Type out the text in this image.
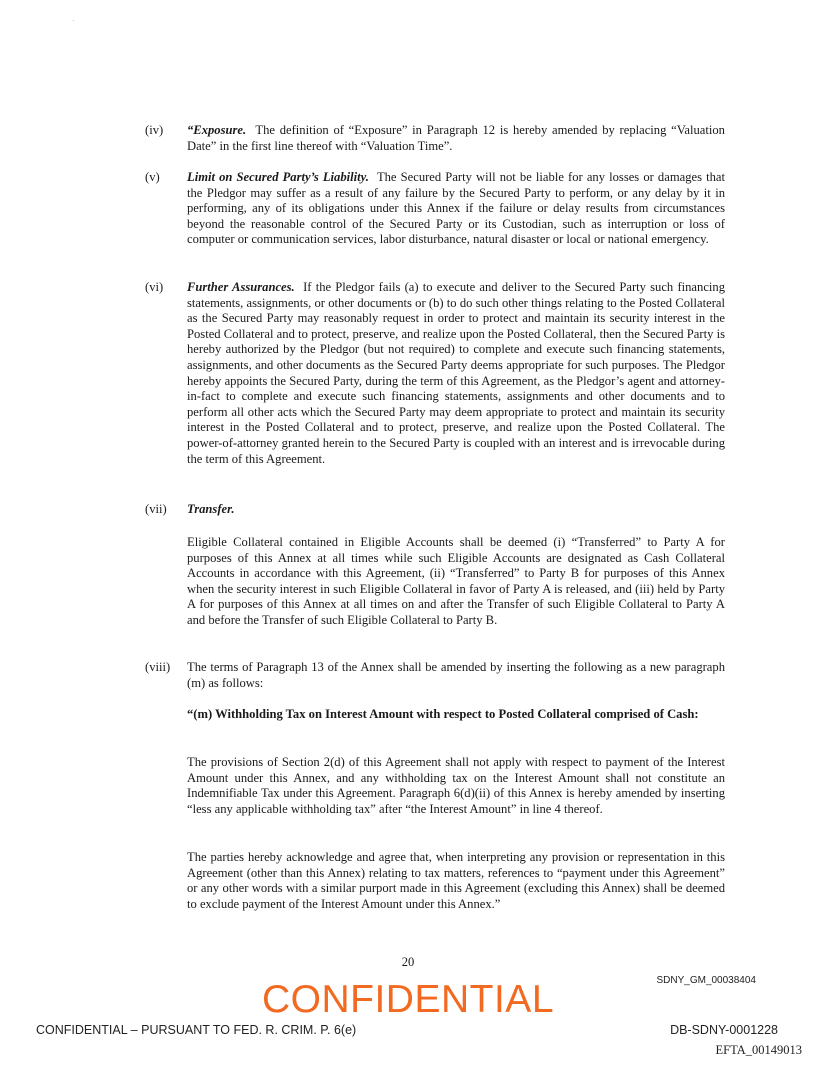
(iv) “Exposure. The definition of “Exposure” in Paragraph 12 is hereby amended by replacing “Valuation Date” in the first line thereof with “Valuation Time”.
(v) Limit on Secured Party’s Liability. The Secured Party will not be liable for any losses or damages that the Pledgor may suffer as a result of any failure by the Secured Party to perform, or any delay by it in performing, any of its obligations under this Annex if the failure or delay results from circumstances beyond the reasonable control of the Secured Party or its Custodian, such as interruption or loss of computer or communication services, labor disturbance, natural disaster or local or national emergency.
(vi) Further Assurances. If the Pledgor fails (a) to execute and deliver to the Secured Party such financing statements, assignments, or other documents or (b) to do such other things relating to the Posted Collateral as the Secured Party may reasonably request in order to protect and maintain its security interest in the Posted Collateral and to protect, preserve, and realize upon the Posted Collateral, then the Secured Party is hereby authorized by the Pledgor (but not required) to complete and execute such financing statements, assignments, and other documents as the Secured Party deems appropriate for such purposes. The Pledgor hereby appoints the Secured Party, during the term of this Agreement, as the Pledgor’s agent and attorney-in-fact to complete and execute such financing statements, assignments and other documents and to perform all other acts which the Secured Party may deem appropriate to protect and maintain its security interest in the Posted Collateral and to protect, preserve, and realize upon the Posted Collateral. The power-of-attorney granted herein to the Secured Party is coupled with an interest and is irrevocable during the term of this Agreement.
(vii) Transfer.
Eligible Collateral contained in Eligible Accounts shall be deemed (i) “Transferred” to Party A for purposes of this Annex at all times while such Eligible Accounts are designated as Cash Collateral Accounts in accordance with this Agreement, (ii) “Transferred” to Party B for purposes of this Annex when the security interest in such Eligible Collateral in favor of Party A is released, and (iii) held by Party A for purposes of this Annex at all times on and after the Transfer of such Eligible Collateral to Party A and before the Transfer of such Eligible Collateral to Party B.
(viii) The terms of Paragraph 13 of the Annex shall be amended by inserting the following as a new paragraph (m) as follows:
“(m) Withholding Tax on Interest Amount with respect to Posted Collateral comprised of Cash:
The provisions of Section 2(d) of this Agreement shall not apply with respect to payment of the Interest Amount under this Annex, and any withholding tax on the Interest Amount shall not constitute an Indemnifiable Tax under this Agreement. Paragraph 6(d)(ii) of this Annex is hereby amended by inserting “less any applicable withholding tax” after “the Interest Amount” in line 4 thereof.
The parties hereby acknowledge and agree that, when interpreting any provision or representation in this Agreement (other than this Annex) relating to tax matters, references to “payment under this Agreement” or any other words with a similar purport made in this Agreement (excluding this Annex) shall be deemed to exclude payment of the Interest Amount under this Annex.”
20
SDNY_GM_00038404
CONFIDENTIAL
CONFIDENTIAL – PURSUANT TO FED. R. CRIM. P. 6(e)	DB-SDNY-0001228
EFTA_00149013
